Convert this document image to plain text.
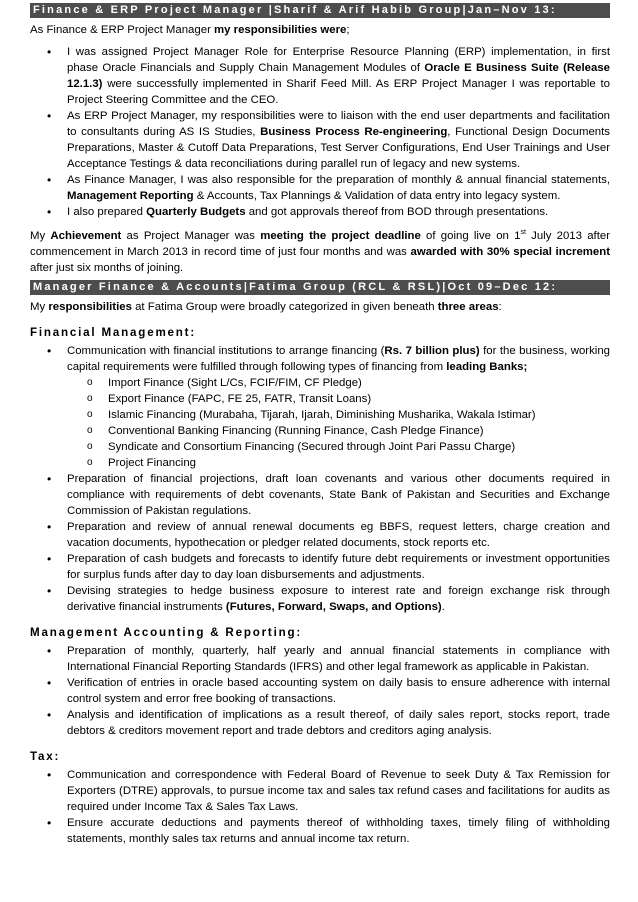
Finance & ERP Project Manager |Sharif & Arif Habib Group|Jan–Nov 13:

As Finance & ERP Project Manager my responsibilities were;

• I was assigned Project Manager Role for Enterprise Resource Planning (ERP) implementation, in first phase Oracle Financials and Supply Chain Management Modules of Oracle E Business Suite (Release 12.1.3) were successfully implemented in Sharif Feed Mill. As ERP Project Manager I was reportable to Project Steering Committee and the CEO.
• As ERP Project Manager, my responsibilities were to liaison with the end user departments and facilitation to consultants during AS IS Studies, Business Process Re-engineering, Functional Design Documents Preparations, Master & Cutoff Data Preparations, Test Server Configurations, End User Trainings and User Acceptance Testings & data reconciliations during parallel run of legacy and new systems.
• As Finance Manager, I was also responsible for the preparation of monthly & annual financial statements, Management Reporting & Accounts, Tax Plannings & Validation of data entry into legacy system.
• I also prepared Quarterly Budgets and got approvals thereof from BOD through presentations.

My Achievement as Project Manager was meeting the project deadline of going live on 1st July 2013 after commencement in March 2013 in record time of just four months and was awarded with 30% special increment after just six months of joining.

Manager Finance & Accounts|Fatima Group (RCL & RSL)|Oct 09–Dec 12:

My responsibilities at Fatima Group were broadly categorized in given beneath three areas:

Financial Management:
• Communication with financial institutions to arrange financing (Rs. 7 billion plus) for the business, working capital requirements were fulfilled through following types of financing from leading Banks;
o Import Finance (Sight L/Cs, FCIF/FIM, CF Pledge)
o Export Finance (FAPC, FE 25, FATR, Transit Loans)
o Islamic Financing (Murabaha, Tijarah, Ijarah, Diminishing Musharika, Wakala Istimar)
o Conventional Banking Financing (Running Finance, Cash Pledge Finance)
o Syndicate and Consortium Financing (Secured through Joint Pari Passu Charge)
o Project Financing
• Preparation of financial projections, draft loan covenants and various other documents required in compliance with requirements of debt covenants, State Bank of Pakistan and Securities and Exchange Commission of Pakistan regulations.
• Preparation and review of annual renewal documents eg BBFS, request letters, charge creation and vacation documents, hypothecation or pledger related documents, stock reports etc.
• Preparation of cash budgets and forecasts to identify future debt requirements or investment opportunities for surplus funds after day to day loan disbursements and adjustments.
• Devising strategies to hedge business exposure to interest rate and foreign exchange risk through derivative financial instruments (Futures, Forward, Swaps, and Options).
Management Accounting & Reporting:
• Preparation of monthly, quarterly, half yearly and annual financial statements in compliance with International Financial Reporting Standards (IFRS) and other legal framework as applicable in Pakistan.
• Verification of entries in oracle based accounting system on daily basis to ensure adherence with internal control system and error free booking of transactions.
• Analysis and identification of implications as a result thereof, of daily sales report, stocks report, trade debtors & creditors movement report and trade debtors and creditors aging analysis.
Tax:
• Communication and correspondence with Federal Board of Revenue to seek Duty & Tax Remission for Exporters (DTRE) approvals, to pursue income tax and sales tax refund cases and facilitations for audits as required under Income Tax & Sales Tax Laws.
• Ensure accurate deductions and payments thereof of withholding taxes, timely filing of withholding statements, monthly sales tax returns and annual income tax return.
